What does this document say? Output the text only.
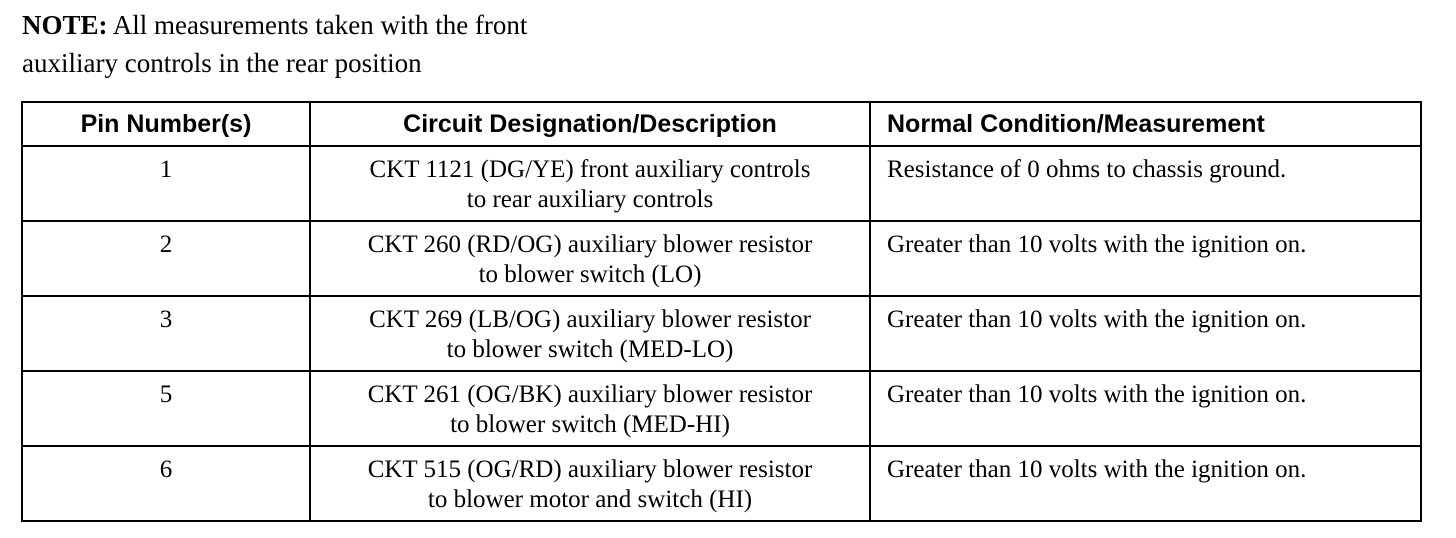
NOTE: All measurements taken with the front
auxiliary controls in the rear position
Pin Number(s)	Circuit Designation/Description	Normal Condition/Measurement

1	CKT 1121 (DG/YE) front auxiliary controls
to rear auxiliary controls	Resistance of 0 ohms to chassis ground.

2	CKT 260 (RD/OG) auxiliary blower resistor
to blower switch (LO)	Greater than 10 volts with the ignition on.

3	CKT 269 (LB/OG) auxiliary blower resistor
to blower switch (MED-LO)	Greater than 10 volts with the ignition on.

5	CKT 261 (OG/BK) auxiliary blower resistor
to blower switch (MED-HI)	Greater than 10 volts with the ignition on.

6	CKT 515 (OG/RD) auxiliary blower resistor
to blower motor and switch (HI)	Greater than 10 volts with the ignition on.
